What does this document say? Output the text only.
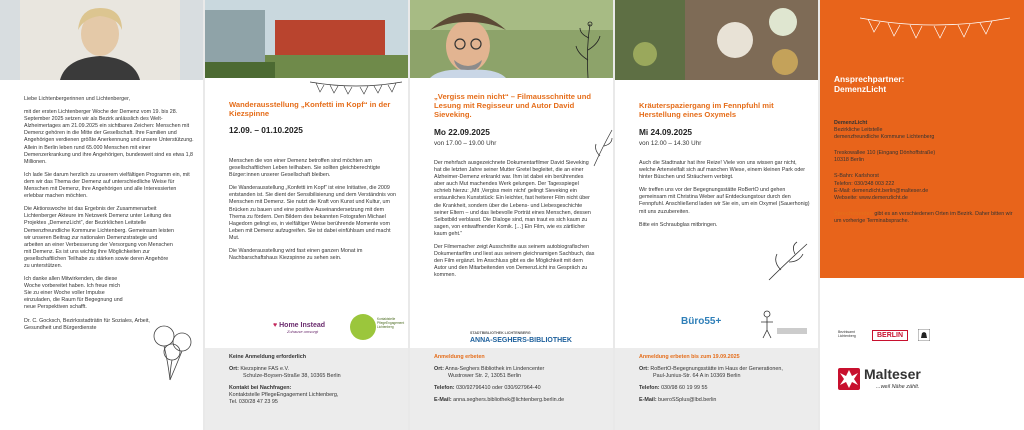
Liebe Lichtenbergerinnen und Lichtenberger,

mit der ersten Lichtenberger Woche der Demenz vom 19. bis 28. September 2025 setzen wir als Bezirk anlässlich des Welt-Alzheimertages am 21.09.2025 ein sichtbares Zeichen: Menschen mit Demenz gehören in die Mitte der Gesellschaft. Ihre Familien und Angehörigen verdienen größte Anerkennung und unsere Unterstützung. Allein in Berlin leben rund 65.000 Menschen mit einer Demenzerkrankung und ihre Angehörigen, bundesweit sind es etwa 1,8 Millionen.

Ich lade Sie darum herzlich zu unserem vielfältigen Programm ein, mit dem wir das Thema der Demenz auf unterschiedliche Weise für Menschen mit Demenz, Ihre Angehörigen und alle Interessierten erlebbar machen möchten.

Die Aktionswoche ist das Ergebnis der Zusammenarbeit Lichtenberger Akteure im Netzwerk Demenz unter Leitung des Projektes „DemenzLicht“, der Bezirklichen Leitstelle Demenzfreundliche Kommune Lichtenberg. Gemeinsam leisten wir unseren Beitrag zur nationalen Demenzstrategie und arbeiten an einer Verbesserung der Versorgung von Menschen mit Demenz. Es ist uns wichtig ihre Möglichkeiten zur gesellschaftlichen Teilhabe zu stärken sowie deren Angehöre zu unterstützen.

Ich danke allen Mitwirkenden, die diese Woche vorbereitet haben. Ich freue mich Sie zu einer Woche voller Impulse einzuladen, die Raum für Begegnung und neue Perspektiven schafft.

Dr. C. Gocksch, Bezirksstadträtin für Soziales, Arbeit, Gesundheit und Bürgerdienste

Wanderausstellung „Konfetti im Kopf“ in der Kiezspinne
12.09. – 01.10.2025

Menschen die von einer Demenz betroffen sind möchten am gesellschaftlichen Leben teilhaben. Sie sollten gleichberechtigte Bürger:innen unserer Gesellschaft bleiben.

Die Wanderausstellung „Konfetti im Kopf“ ist eine Initiative, die 2009 entstanden ist. Sie dient der Sensibilisierung und dem Verständnis von Menschen mit Demenz. Sie nutzt die Kraft von Kunst und Kultur, um Brücken zu bauen und eine positive Auseinandersetzung mit dem Thema zu fördern. Den Bildern des bekannten Fotografen Michael Hagedorn gelingt es, in vielfältiger Weise berührende Momente vom Leben mit Demenz aufzugreifen. Sie ist dabei einfühlsam und macht Mut.

Die Wanderausstellung wird fast einen ganzen Monat im Nachbarschaftshaus Kiezspinne zu sehen sein.

♥ Home Instead
Zuhause umsorgt
Kontaktstelle PflegeEngagement Lichtenberg
Keine Anmeldung erforderlich
Ort: Kiezspinne FAS e.V.
Schulze-Boysen-Straße 38, 10365 Berlin
Kontakt bei Nachfragen:
Kontaktstelle PflegeEngagement Lichtenberg,
Tel. 030/28 47 23 95
„Vergiss mein nicht“ – Filmausschnitte und Lesung mit Regisseur und Autor David Sieveking.
Mo 22.09.2025
von 17.00 – 19.00 Uhr

Der mehrfach ausgezeichnete Dokumentarfilmer David Sieveking hat die letzten Jahre seiner Mutter Gretel begleitet, die an einer Alzheimer-Demenz erkrankt war. Ihm ist dabei ein berührendes aber auch Mut machendes Werk gelungen. Der Tagesspiegel schrieb hierzu: „Mit ‚Vergiss mein nicht‘ gelingt Sieveking ein erstaunliches Kunststück: Ein leichter, fast heiterer Film nicht über die Krankheit, sondern über die Lebens- und Liebesgeschichte seiner Eltern – und das liebevolle Porträt eines Menschen, dessen Selbstbild verblasst. Die Dialoge sind, man traut es sich kaum zu sagen, von entwaffnender Komik. […] Ein Film, wie es zärtlicher kaum geht.“

Der Filmemacher zeigt Ausschnitte aus seinem autobiografischen Dokumentarfilm und liest aus seinem gleichnamigen Sachbuch, das den Film ergänzt. Im Anschluss gibt es die Möglichkeit mit dem Autor und den Mitarbeitenden von DemenzLicht ins Gespräch zu kommen.

STADTBIBLIOTHEK LICHTENBERG
ANNA-SEGHERS-BIBLIOTHEK
Anmeldung erbeten
Ort: Anna-Seghers Bibliothek im Lindencenter
Wustrower Str. 2, 13051 Berlin
Telefon: 030/92796410 oder 030/927964-40
E-Mail: anna.seghers.bibliothek@lichtenberg.berlin.de
Kräuterspaziergang im Fennpfuhl mit Herstellung eines Oxymels
Mi 24.09.2025
von 12.00 – 14.30 Uhr

Auch die Stadtnatur hat ihre Reize! Viele von uns wissen gar nicht, welche Artenvielfalt sich auf manchen Wiese, einem kleinen Park oder hinter Büschen und Sträuchern verbirgt.

Wir treffen uns vor der Begegnungsstätte RoBertO und gehen gemeinsam mit Christina Weber auf Entdeckungstour durch den Fennpfuhl. Anschließend laden wir Sie ein, um ein Oxymel (Sauerhonig) mit uns zuzubereiten.

Bitte ein Schraubglas mitbringen.

Büro55+
Anmeldung erbeten bis zum 19.09.2025
Ort: RoBertO-Begegnungsstätte im Haus der Generationen,
Paul-Junius-Str. 64 A in 10369 Berlin
Telefon: 030/98 60 19 99 55
E-Mail: bueroSSplus@lbd.berlin
Ansprechpartner: DemenzLicht
DemenzLicht
Bezirkliche Leitstelle
demenzfreundliche Kommune Lichtenberg
Treskowallee 110 (Eingang Dönhoffstraße)
10318 Berlin
S-Bahn: Karlshorst
Telefon: 030/348 003 222
E-Mail: demenzlicht.berlin@malteser.de
Webseite: www.demenzlicht.de
Sprechstunden gibt es an verschiedenen Orten im Bezirk. Daher bitten wir um vorherige Terminabsprache.
Bezirksamt Lichtenberg	BERLIN
Malteser
...weil Nähe zählt.
